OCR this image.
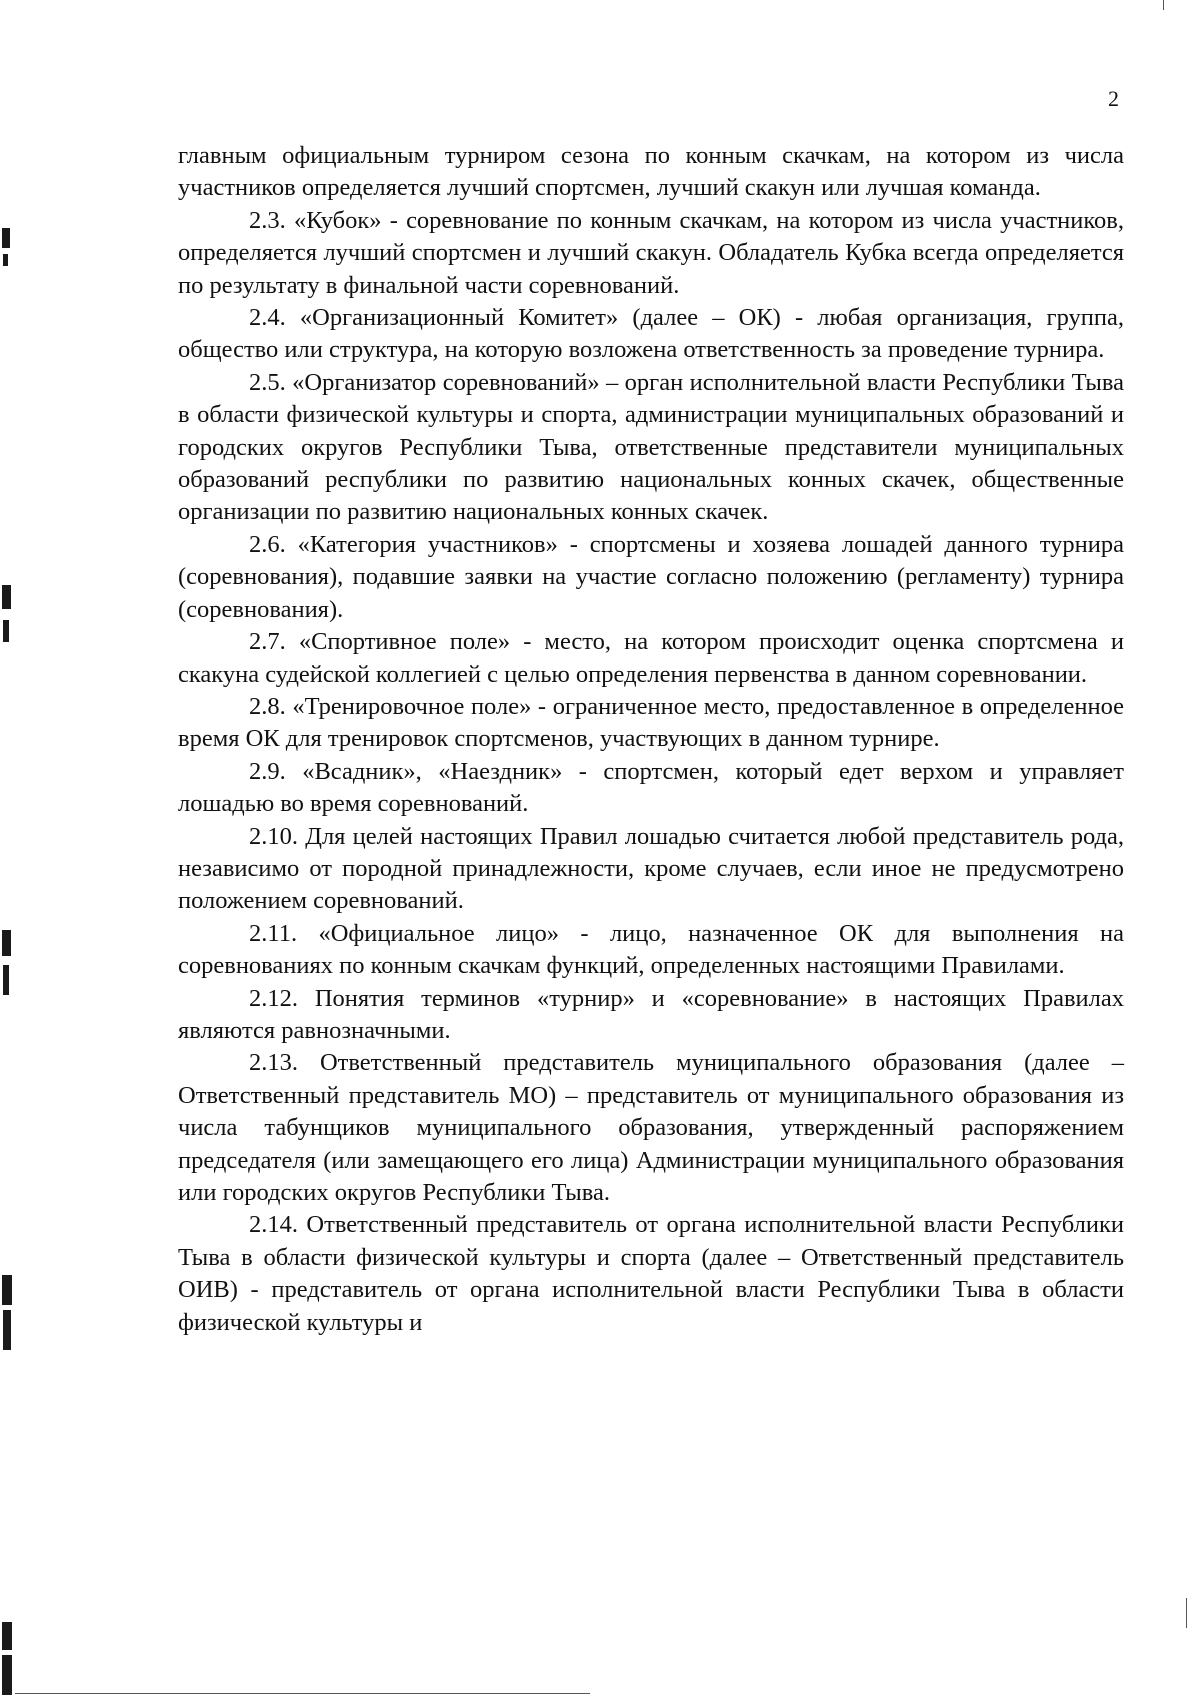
2

главным официальным турниром сезона по конным скачкам, на котором из числа участников определяется лучший спортсмен, лучший скакун или лучшая команда.

2.3. «Кубок» - соревнование по конным скачкам, на котором из числа участников, определяется лучший спортсмен и лучший скакун. Обладатель Кубка всегда определяется по результату в финальной части соревнований.

2.4. «Организационный Комитет» (далее – ОК) - любая организация, группа, общество или структура, на которую возложена ответственность за проведение турнира.

2.5. «Организатор соревнований» – орган исполнительной власти Республики Тыва в области физической культуры и спорта, администрации муниципальных образований и городских округов Республики Тыва, ответственные представители муниципальных образований республики по развитию национальных конных скачек, общественные организации по развитию национальных конных скачек.

2.6. «Категория участников» - спортсмены и хозяева лошадей данного турнира (соревнования), подавшие заявки на участие согласно положению (регламенту) турнира (соревнования).

2.7. «Спортивное поле» - место, на котором происходит оценка спортсмена и скакуна судейской коллегией с целью определения первенства в данном соревновании.

2.8. «Тренировочное поле» - ограниченное место, предоставленное в определенное время ОК для тренировок спортсменов, участвующих в данном турнире.

2.9. «Всадник», «Наездник» - спортсмен, который едет верхом и управляет лошадью во время соревнований.

2.10. Для целей настоящих Правил лошадью считается любой представитель рода, независимо от породной принадлежности, кроме случаев, если иное не предусмотрено положением соревнований.

2.11. «Официальное лицо» - лицо, назначенное ОК для выполнения на соревнованиях по конным скачкам функций, определенных настоящими Правилами.

2.12. Понятия терминов «турнир» и «соревнование» в настоящих Правилах являются равнозначными.

2.13. Ответственный представитель муниципального образования (далее – Ответственный представитель МО) – представитель от муниципального образования из числа табунщиков муниципального образования, утвержденный распоряжением председателя (или замещающего его лица) Администрации муниципального образования или городских округов Республики Тыва.

2.14. Ответственный представитель от органа исполнительной власти Республики Тыва в области физической культуры и спорта (далее – Ответственный представитель ОИВ) - представитель от органа исполнительной власти Республики Тыва в области физической культуры и
